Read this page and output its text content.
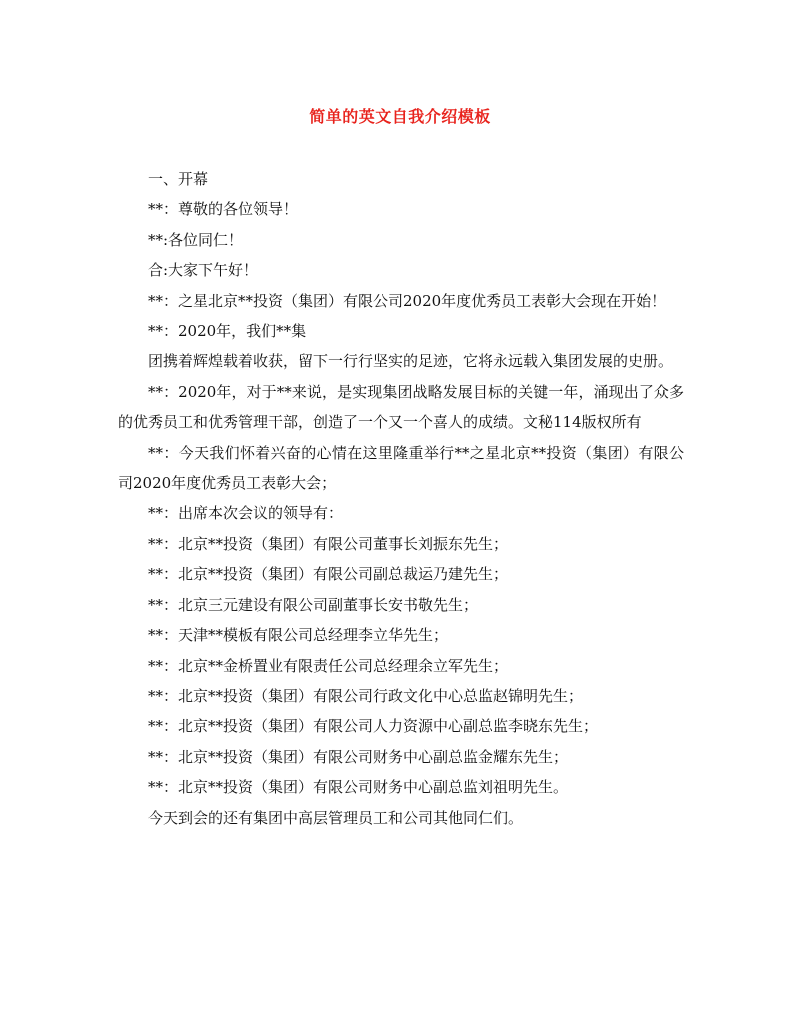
简单的英文自我介绍模板

一、开幕

**：尊敬的各位领导！

**:各位同仁！

合:大家下午好！

**：之星北京**投资（集团）有限公司2020年度优秀员工表彰大会现在开始！

**：2020年，我们**集

团携着辉煌载着收获，留下一行行坚实的足迹，它将永远载入集团发展的史册。

**：2020年，对于**来说，是实现集团战略发展目标的关键一年，涌现出了众多的优秀员工和优秀管理干部，创造了一个又一个喜人的成绩。文秘114版权所有

**：今天我们怀着兴奋的心情在这里隆重举行**之星北京**投资（集团）有限公司2020年度优秀员工表彰大会；

**：出席本次会议的领导有：

**：北京**投资（集团）有限公司董事长刘振东先生；

**：北京**投资（集团）有限公司副总裁运乃建先生；

**：北京三元建设有限公司副董事长安书敬先生；

**：天津**模板有限公司总经理李立华先生；

**：北京**金桥置业有限责任公司总经理余立军先生；

**：北京**投资（集团）有限公司行政文化中心总监赵锦明先生；

**：北京**投资（集团）有限公司人力资源中心副总监李晓东先生；

**：北京**投资（集团）有限公司财务中心副总监金耀东先生；

**：北京**投资（集团）有限公司财务中心副总监刘祖明先生。

今天到会的还有集团中高层管理员工和公司其他同仁们。
